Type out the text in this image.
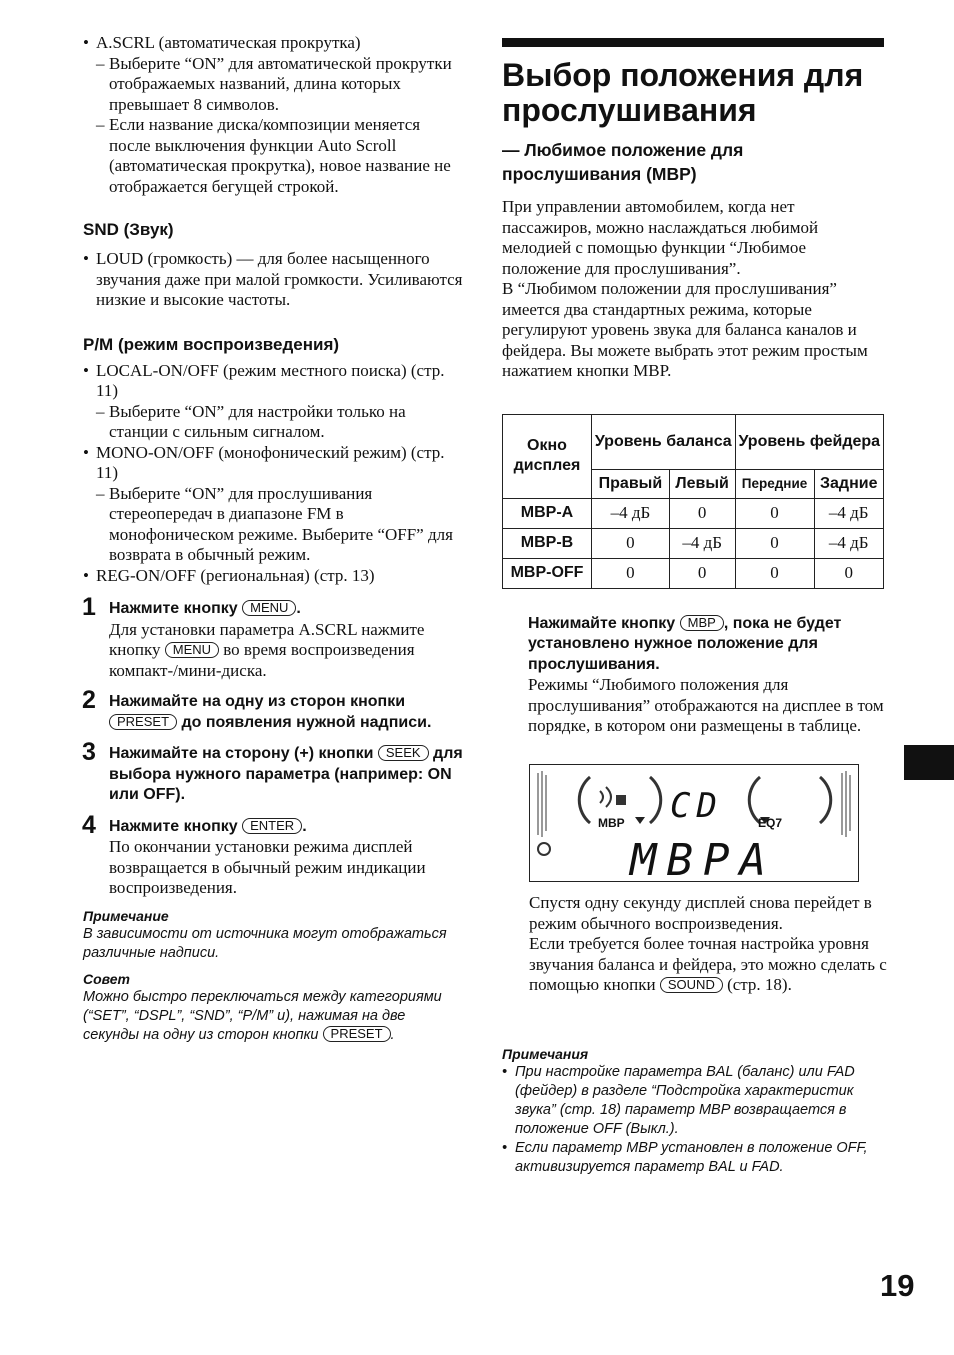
• A.SCRL (автоматическая прокрутка)

– Выберите “ON” для автоматической прокрутки отображаемых названий, длина которых превышает 8 символов.

– Если название диска/композиции меняется после выключения функции Auto Scroll (автоматическая прокрутка), новое название не отображается бегущей строкой.

SND (Звук)

• LOUD (громкость) — для более насыщенного звучания даже при малой громкости. Усиливаются низкие и высокие частоты.

P/M (режим воспроизведения)

• LOCAL-ON/OFF (режим местного поиска) (стр. 11)

– Выберите “ON” для настройки только на станции с сильным сигналом.

• MONO-ON/OFF (монофонический режим) (стр. 11)

– Выберите “ON” для прослушивания стереопередач в диапазоне FM в монофоническом режиме. Выберите “OFF” для возврата в обычный режим.

• REG-ON/OFF (региональная) (стр. 13)

1 Нажмите кнопку MENU .
Для установки параметра A.SCRL нажмите кнопку MENU во время воспроизведения компакт-/мини-диска.
2 Нажимайте на одну из сторон кнопки PRESET до появления нужной надписи.
3 Нажимайте на сторону (+) кнопки SEEK для выбора нужного параметра (например: ON или OFF).
4 Нажмите кнопку ENTER .
По окончании установки режима дисплей возвращается в обычный режим индикации воспроизведения.
Примечание
В зависимости от источника могут отображаться различные надписи.
Совет
Можно быстро переключаться между категориями (“SET”, “DSPL”, “SND”, “P/M” и), нажимая на две секунды на одну из сторон кнопки PRESET .
Выбор положения для прослушивания
— Любимое положение для прослушивания (MBP)

При управлении автомобилем, когда нет пассажиров, можно наслаждаться любимой мелодией с помощью функции “Любимое положение для прослушивания”.

В “Любимом положении для прослушивания” имеется два стандартных режима, которые регулируют уровень звука для баланса каналов и фейдера. Вы можете выбрать этот режим простым нажатием кнопки MBP.

Окно дисплея	Уровень баланса		Уровень фейдера	
	Правый	Левый	Передние	Задние
MBP-A	–4 дБ	0	0	–4 дБ
MBP-B	0	–4 дБ	0	–4 дБ
MBP-OFF	0	0	0	0
Нажимайте кнопку MBP , пока не будет установлено нужное положение для прослушивания.
Режимы “Любимого положения для прослушивания” отображаются на дисплее в том порядке, в котором они размещены в таблице.
MBP	EQ7
CD
MBPA

Спустя одну секунду дисплей снова перейдет в режим обычного воспроизведения.

Если требуется более точная настройка уровня звучания баланса и фейдера, это можно сделать с помощью кнопки SOUND (стр. 18).

Примечания
• При настройке параметра BAL (баланс) или FAD (фейдер) в разделе “Подстройка характеристик звука” (стр. 18) параметр MBP возвращается в положение OFF (Выкл.).
• Если параметр MBP установлен в положение OFF, активизируется параметр BAL и FAD.
19
